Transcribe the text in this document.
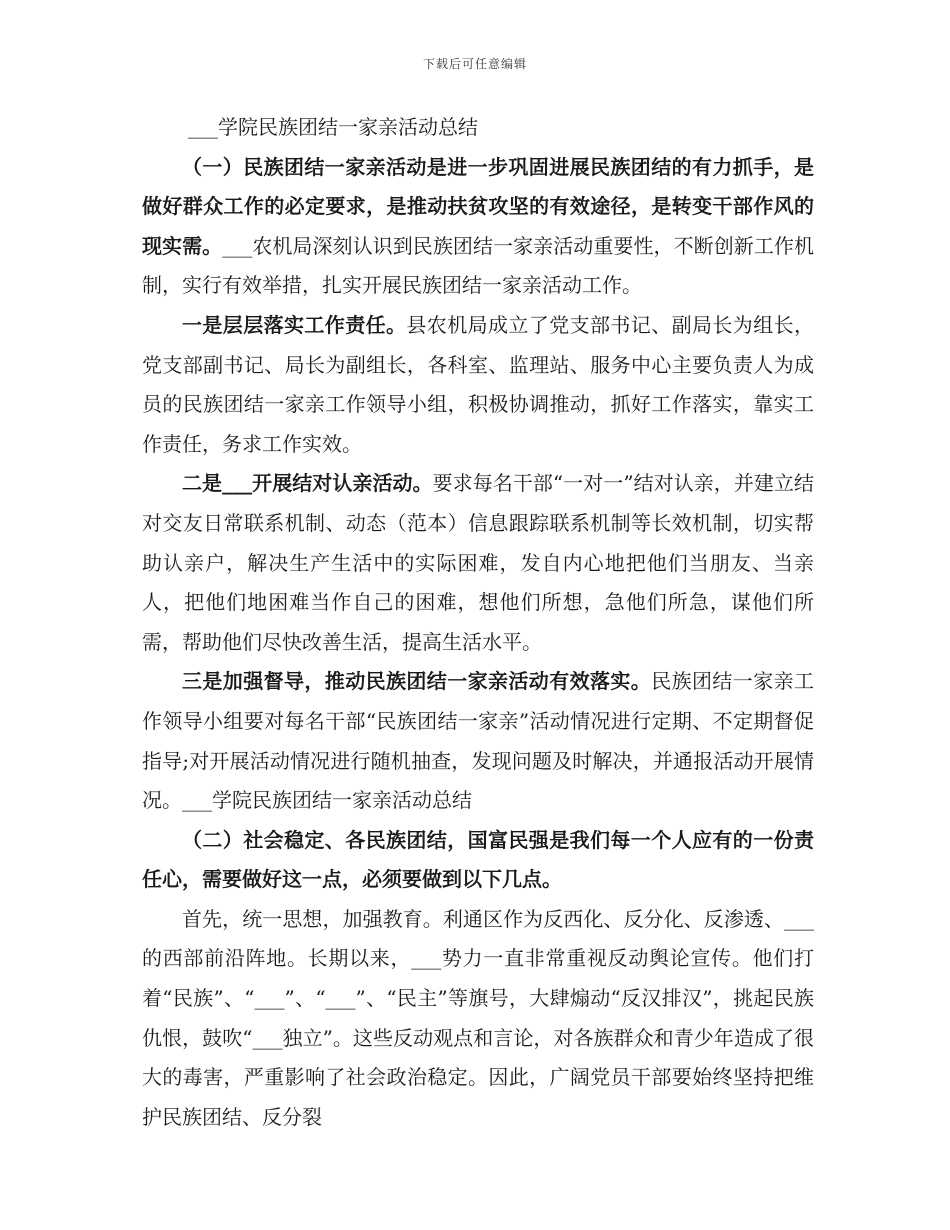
下载后可任意编辑

___学院民族团结一家亲活动总结

（一）民族团结一家亲活动是进一步巩固进展民族团结的有力抓手，是做好群众工作的必定要求，是推动扶贫攻坚的有效途径，是转变干部作风的现实需。___农机局深刻认识到民族团结一家亲活动重要性，不断创新工作机制，实行有效举措，扎实开展民族团结一家亲活动工作。

一是层层落实工作责任。县农机局成立了党支部书记、副局长为组长，党支部副书记、局长为副组长，各科室、监理站、服务中心主要负责人为成员的民族团结一家亲工作领导小组，积极协调推动，抓好工作落实，靠实工作责任，务求工作实效。

二是___开展结对认亲活动。要求每名干部“一对一”结对认亲，并建立结对交友日常联系机制、动态（范本）信息跟踪联系机制等长效机制，切实帮助认亲户，解决生产生活中的实际困难，发自内心地把他们当朋友、当亲人，把他们地困难当作自己的困难，想他们所想，急他们所急，谋他们所需，帮助他们尽快改善生活，提高生活水平。

三是加强督导，推动民族团结一家亲活动有效落实。民族团结一家亲工作领导小组要对每名干部“民族团结一家亲”活动情况进行定期、不定期督促指导;对开展活动情况进行随机抽查，发现问题及时解决，并通报活动开展情况。___学院民族团结一家亲活动总结

（二）社会稳定、各民族团结，国富民强是我们每一个人应有的一份责任心，需要做好这一点，必须要做到以下几点。

首先，统一思想，加强教育。利通区作为反西化、反分化、反渗透、___的西部前沿阵地。长期以来，___势力一直非常重视反动舆论宣传。他们打着“民族”、“___”、“___”、“民主”等旗号，大肆煽动“反汉排汉”，挑起民族仇恨，鼓吹“___独立”。这些反动观点和言论，对各族群众和青少年造成了很大的毒害，严重影响了社会政治稳定。因此，广阔党员干部要始终坚持把维护民族团结、反分裂
